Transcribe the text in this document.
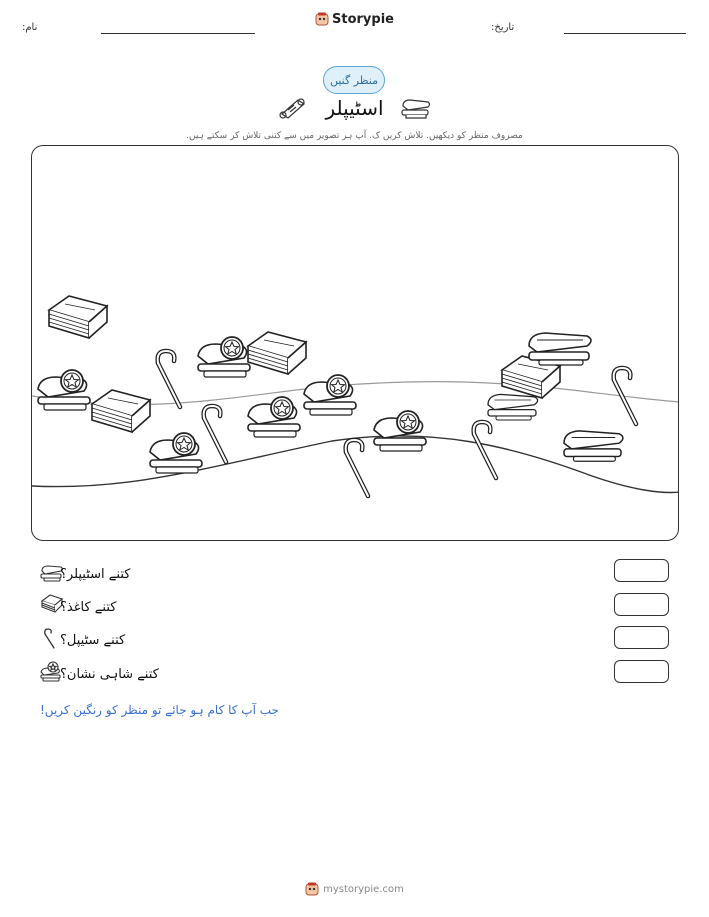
نام:
Storypie
تاریخ:
منظر گنیں
اسٹیپلر
مصروف منظر کو دیکھیں. تلاش کریں ک. آپ ہر تصویر میں سے کتنی تلاش کر سکتے ہیں.
کتنے اسٹیپلر؟
کتنے کاغذ؟
کتنے سٹیپل؟
کتنے شاہی نشان؟
جب آپ کا کام ہو جائے تو منظر کو رنگین کریں!
mystorypie.com
